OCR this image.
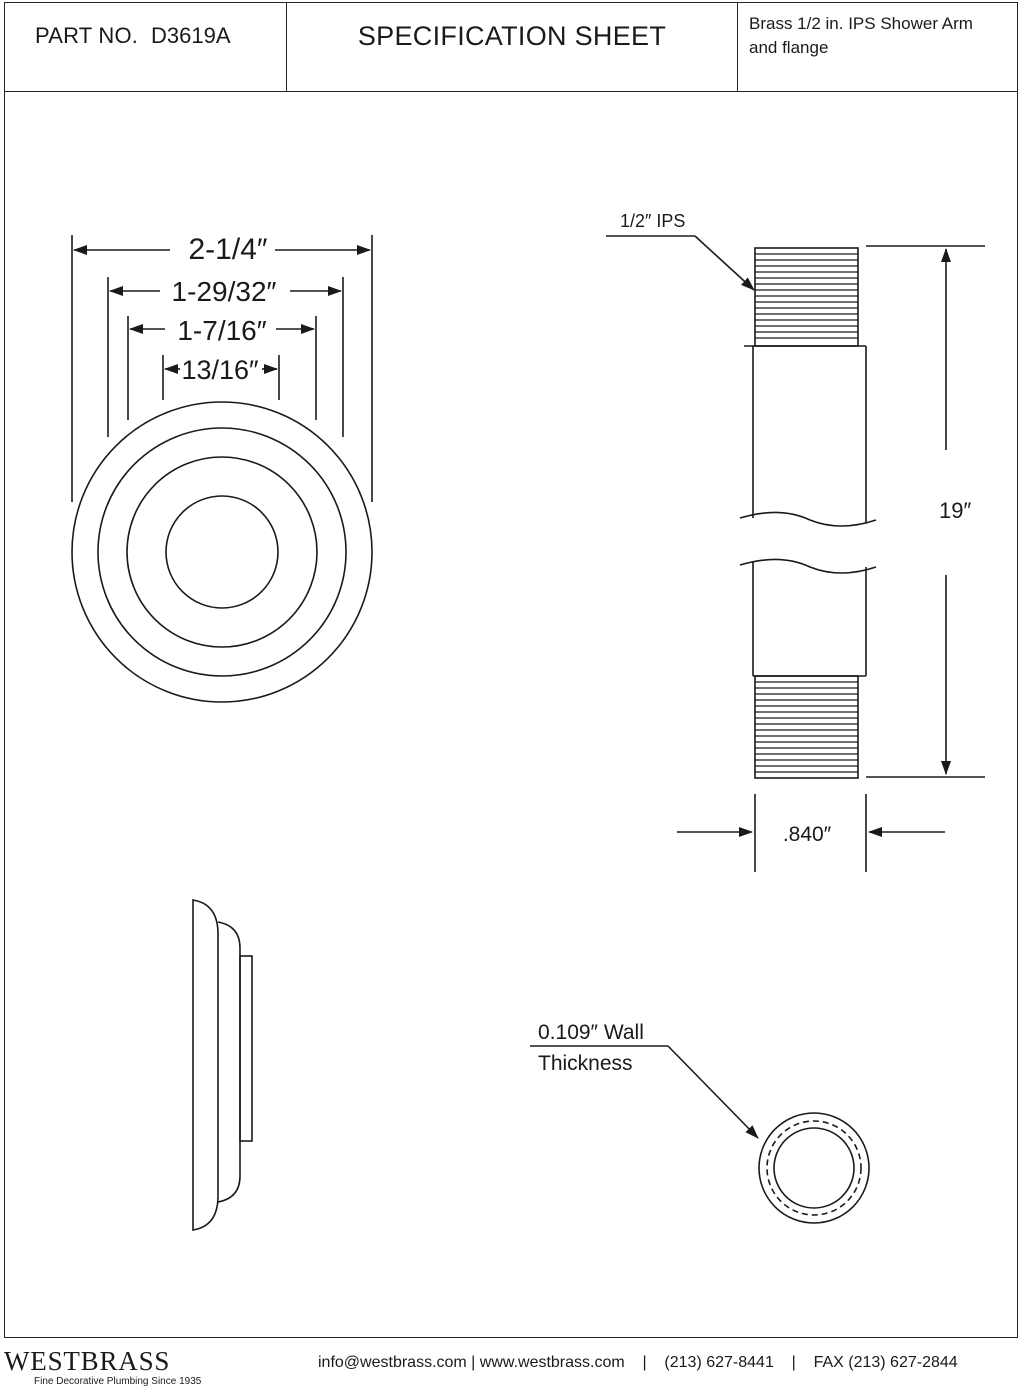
PART NO. D3619A	SPECIFICATION SHEET	Brass 1/2 in. IPS Shower Arm
and flange
2-1/4″
1-29/32″
1-7/16″
13/16″
1/2″ IPS
19″
.840″
0.109″ Wall
Thickness
WESTBRASS
Fine Decorative Plumbing Since 1935
info@westbrass.com | www.westbrass.com    |    (213) 627-8441    |    FAX (213) 627-2844
